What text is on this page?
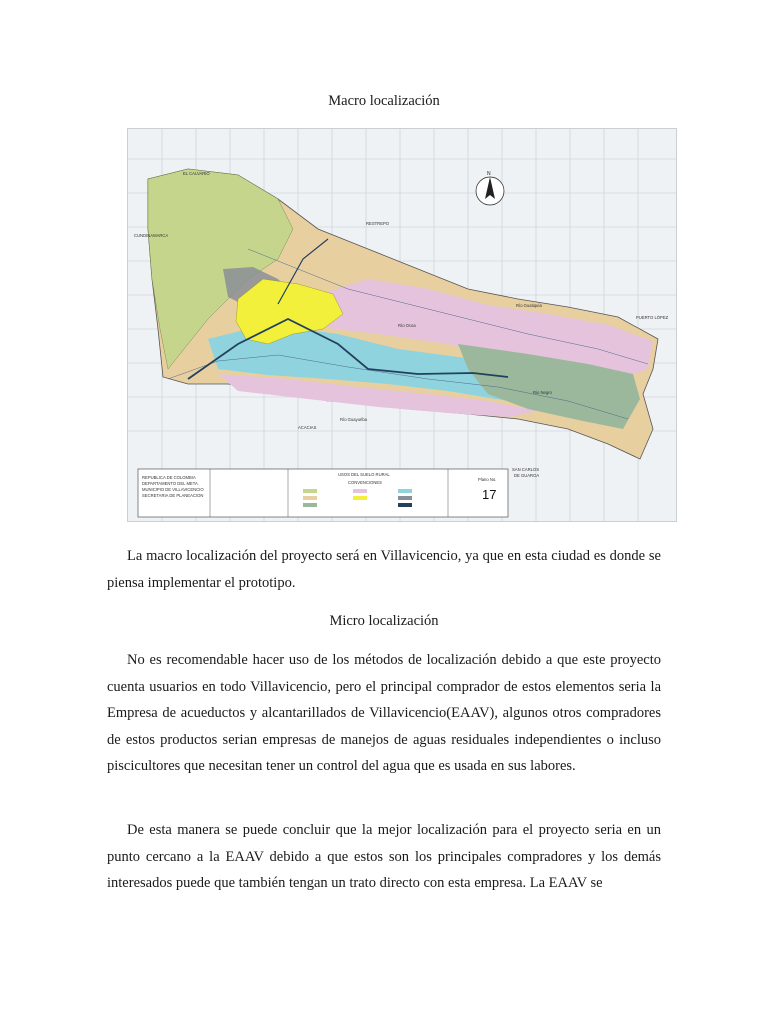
Macro localización
EL CALVARIO
CUNDINAMARCA
RESTREPO
PUERTO LÓPEZ
ACACIAS
SAN CARLOS
DE GUAROA
Río Ocoa
Río Guatiquía
Rio Negro
Río Guayuriba
N
REPUBLICA DE COLOMBIA
DEPARTAMENTO DEL META
MUNICIPIO DE VILLAVICENCIO
SECRETARIA DE PLANEACION
USOS DEL SUELO RURAL
CONVENCIONES
Plano No.
17

La macro localización del proyecto será en Villavicencio, ya que en esta ciudad es donde se piensa implementar el prototipo.

Micro localización

No es recomendable hacer uso de los métodos de localización debido a que este proyecto cuenta usuarios en todo Villavicencio, pero el principal comprador de estos elementos seria la Empresa de acueductos y alcantarillados de Villavicencio(EAAV), algunos otros compradores de estos productos serian empresas de manejos de aguas residuales independientes o incluso piscicultores que necesitan tener un control del agua que es usada en sus labores.

De esta manera se puede concluir que la mejor localización para el proyecto seria en un punto cercano a la EAAV debido a que estos son los principales compradores y los demás interesados puede que también tengan un trato directo con esta empresa. La EAAV se
